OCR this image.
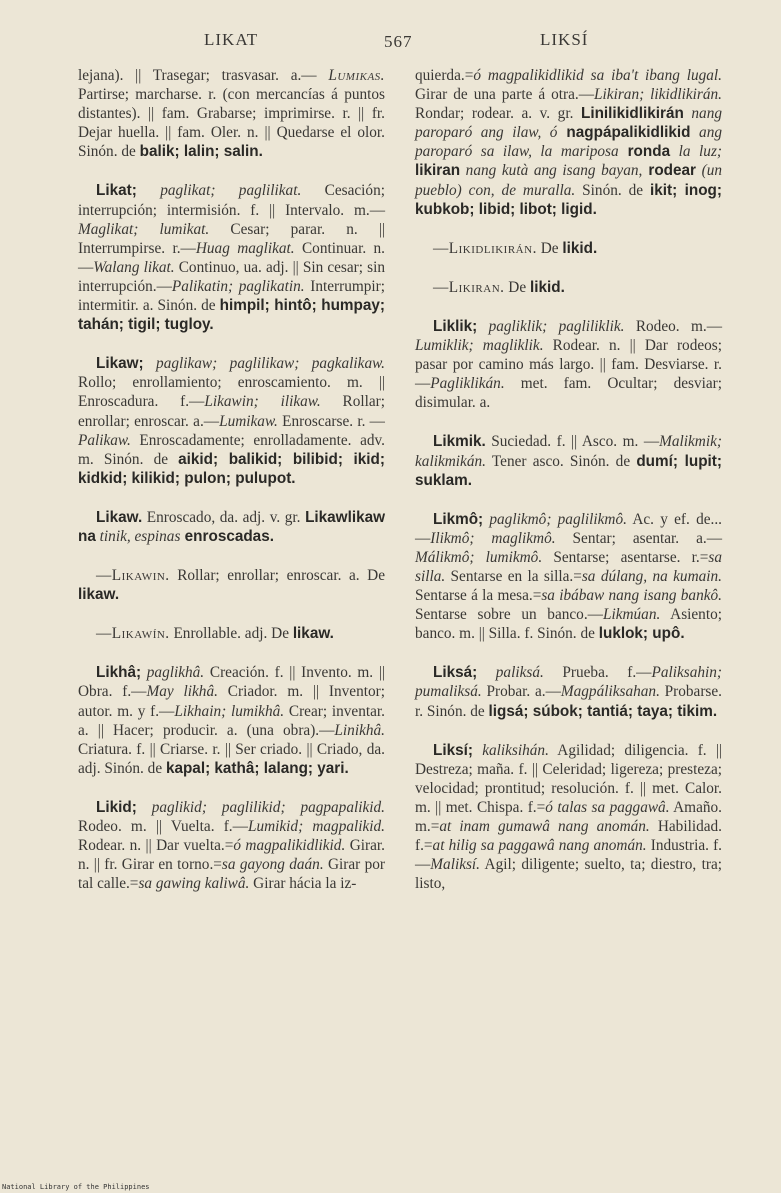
LIKAT	567	LIKSÍ

lejana). || Trasegar; trasvasar. a.— Lumikas. Partirse; marcharse. r. (con mercancías á puntos distantes). || fam. Grabarse; imprimirse. r. || fr. Dejar huella. || fam. Oler. n. || Quedarse el olor. Sinón. de balik; lalin; salin.

Likat; paglikat; paglilikat. Cesación; interrupción; intermisión. f. || Intervalo. m.—Maglikat; lumikat. Cesar; parar. n. || Interrumpirse. r.—Huag maglikat. Continuar. n.—Walang likat. Continuo, ua. adj. || Sin cesar; sin interrupción.—Palikatin; paglikatin. Interrumpir; intermitir. a. Sinón. de himpil; hintô; humpay; tahán; tigil; tugloy.

Likaw; paglikaw; paglilikaw; pagkalikaw. Rollo; enrollamiento; enroscamiento. m. || Enroscadura. f.—Likawin; ilikaw. Rollar; enrollar; enroscar. a.—Lumikaw. Enroscarse. r. —Palikaw. Enroscadamente; enrolladamente. adv. m. Sinón. de aikid; balikid; bilibid; ikid; kidkid; kilikid; pulon; pulupot.

Likaw. Enroscado, da. adj. v. gr. Likawlikaw na tinik, espinas enroscadas.

—Likawin. Rollar; enrollar; enroscar. a. De likaw.

—Likawín. Enrollable. adj. De likaw.

Likhâ; paglikhâ. Creación. f. || Invento. m. || Obra. f.—May likhâ. Criador. m. || Inventor; autor. m. y f.—Likhain; lumikhâ. Crear; inventar. a. || Hacer; producir. a. (una obra).—Linikhâ. Criatura. f. || Criarse. r. || Ser criado. || Criado, da. adj. Sinón. de kapal; kathâ; lalang; yari.

Likid; paglikid; paglilikid; pagpapalikid. Rodeo. m. || Vuelta. f.—Lumikid; magpalikid. Rodear. n. || Dar vuelta.=ó magpalikidlikid. Girar. n. || fr. Girar en torno.=sa gayong daán. Girar por tal calle.=sa gawing kaliwâ. Girar hácia la iz-

quierda.=ó magpalikidlikid sa iba't ibang lugal. Girar de una parte á otra.—Likiran; likidlikirán. Rondar; rodear. a. v. gr. Linilikidlikirán nang paroparó ang ilaw, ó nagpápalikidlikid ang paroparó sa ilaw, la mariposa ronda la luz; likiran nang kutà ang isang bayan, rodear (un pueblo) con, de muralla. Sinón. de ikit; inog; kubkob; libid; libot; ligid.

—Likidlikirán. De likid.

—Likiran. De likid.

Liklik; pagliklik; pagliliklik. Rodeo. m.—Lumiklik; magliklik. Rodear. n. || Dar rodeos; pasar por camino más largo. || fam. Desviarse. r. —Pagliklikán. met. fam. Ocultar; desviar; disimular. a.

Likmik. Suciedad. f. || Asco. m. —Malikmik; kalikmikán. Tener asco. Sinón. de dumí; lupit; suklam.

Likmô; paglikmô; paglilikmô. Ac. y ef. de...—Ilikmô; maglikmô. Sentar; asentar. a.—Málikmô; lumikmô. Sentarse; asentarse. r.=sa silla. Sentarse en la silla.=sa dúlang, na kumain. Sentarse á la mesa.=sa ibábaw nang isang bankô. Sentarse sobre un banco.—Likmúan. Asiento; banco. m. || Silla. f. Sinón. de luklok; upô.

Liksá; paliksá. Prueba. f.—Paliksahin; pumaliksá. Probar. a.—Magpáliksahan. Probarse. r. Sinón. de ligsá; súbok; tantiá; taya; tikim.

Liksí; kaliksihán. Agilidad; diligencia. f. || Destreza; maña. f. || Celeridad; ligereza; presteza; velocidad; prontitud; resolución. f. || met. Calor. m. || met. Chispa. f.=ó talas sa paggawâ. Amaño. m.=at inam gumawâ nang anomán. Habilidad. f.=at hilig sa paggawâ nang anomán. Industria. f. —Maliksí. Agil; diligente; suelto, ta; diestro, tra; listo,

National Library of the Philippines
